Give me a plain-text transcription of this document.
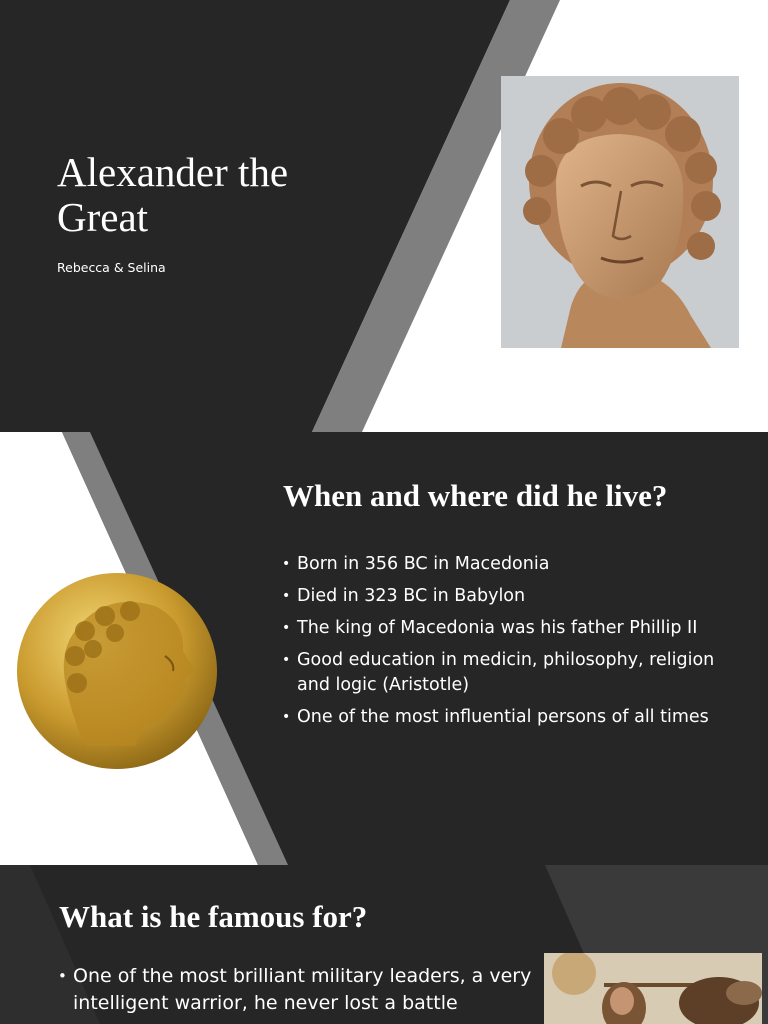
Alexander the Great
Rebecca & Selina
When and where did he live?
• Born in 356 BC in Macedonia
• Died in 323 BC in Babylon
• The king of Macedonia was his father Phillip II
• Good education in medicin, philosophy, religion and logic (Aristotle)
• One of the most influential persons of all times
What is he famous for?
• One of the most brilliant military leaders, a very intelligent warrior, he never lost a battle
